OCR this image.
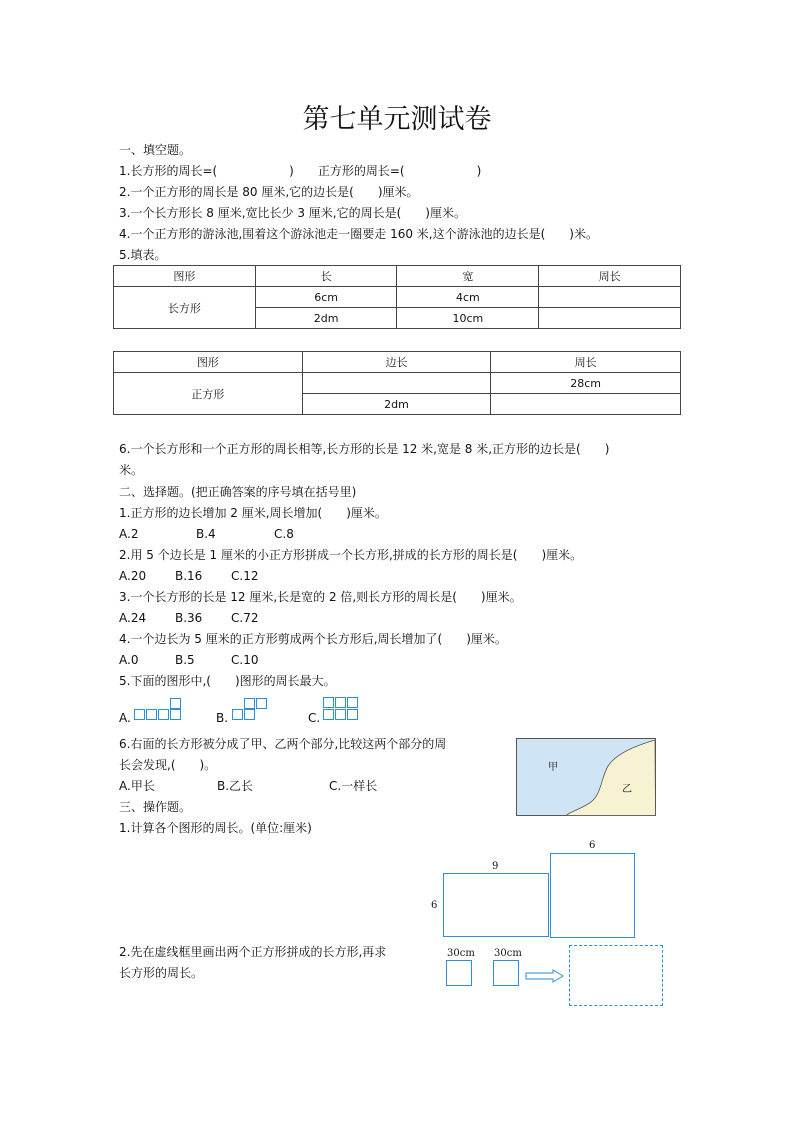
第七单元测试卷
一、填空题。
1.长方形的周长=(　　　　　　)　　正方形的周长=(　　　　　　)
2.一个正方形的周长是 80 厘米,它的边长是(　　)厘米。
3.一个长方形长 8 厘米,宽比长少 3 厘米,它的周长是(　　)厘米。
4.一个正方形的游泳池,围着这个游泳池走一圈要走 160 米,这个游泳池的边长是(　　)米。
5.填表。
图形	长	宽	周长
长方形	6cm	4cm	
	2dm	10cm	
图形	边长	周长
正方形		28cm
	2dm	
6.一个长方形和一个正方形的周长相等,长方形的长是 12 米,宽是 8 米,正方形的边长是(　　)
米。
二、选择题。(把正确答案的序号填在括号里)
1.正方形的边长增加 2 厘米,周长增加(　　)厘米。
A.2	B.4	C.8
2.用 5 个边长是 1 厘米的小正方形拼成一个长方形,拼成的长方形的周长是(　　)厘米。
A.20 B.16 C.12
3.一个长方形的长是 12 厘米,长是宽的 2 倍,则长方形的周长是(　　)厘米。
A.24 B.36 C.72
4.一个边长为 5 厘米的正方形剪成两个长方形后,周长增加了(　　)厘米。
A.0	B.5	C.10
5.下面的图形中,(　　)图形的周长最大。
A.	B.	C.
6.右面的长方形被分成了甲、乙两个部分,比较这两个部分的周
长会发现,(　　)。
A.甲长	B.乙长	C.一样长
甲
乙
三、操作题。
1.计算各个图形的周长。(单位:厘米)
9
6
6
2.先在虚线框里画出两个正方形拼成的长方形,再求
长方形的周长。
30cm 30cm
